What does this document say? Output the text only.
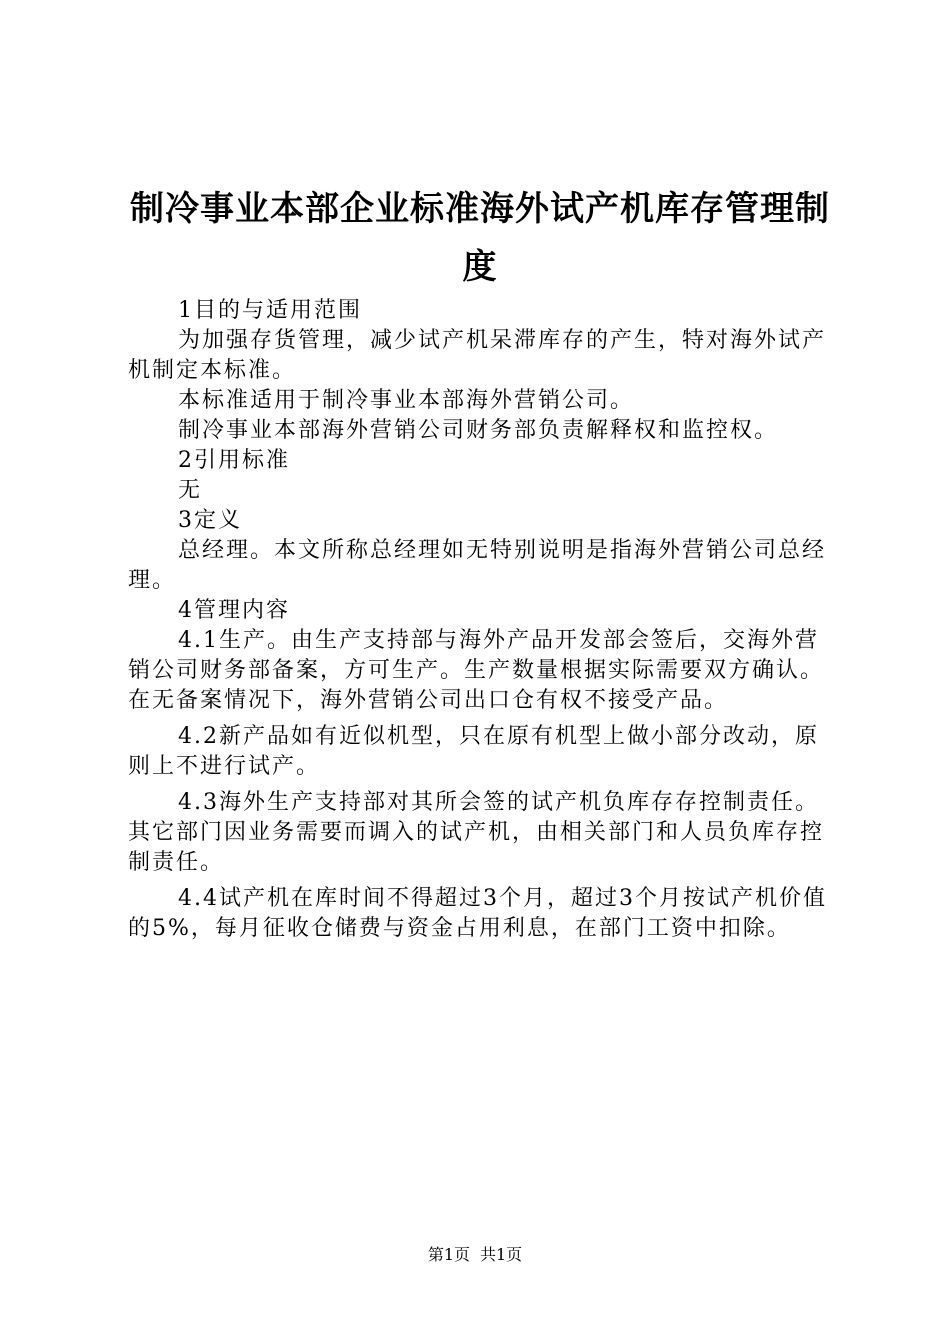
制冷事业本部企业标准海外试产机库存管理制度

1目的与适用范围

为加强存货管理，减少试产机呆滞库存的产生，特对海外试产机制定本标准。

本标准适用于制冷事业本部海外营销公司。

制冷事业本部海外营销公司财务部负责解释权和监控权。

2引用标准

无

3定义

总经理。本文所称总经理如无特别说明是指海外营销公司总经理。

4管理内容

4.1生产。由生产支持部与海外产品开发部会签后，交海外营销公司财务部备案，方可生产。生产数量根据实际需要双方确认。在无备案情况下，海外营销公司出口仓有权不接受产品。

4.2新产品如有近似机型，只在原有机型上做小部分改动，原则上不进行试产。

4.3海外生产支持部对其所会签的试产机负库存存控制责任。其它部门因业务需要而调入的试产机，由相关部门和人员负库存控制责任。

4.4试产机在库时间不得超过3个月，超过3个月按试产机价值的5%，每月征收仓储费与资金占用利息，在部门工资中扣除。

第1页 共1页
